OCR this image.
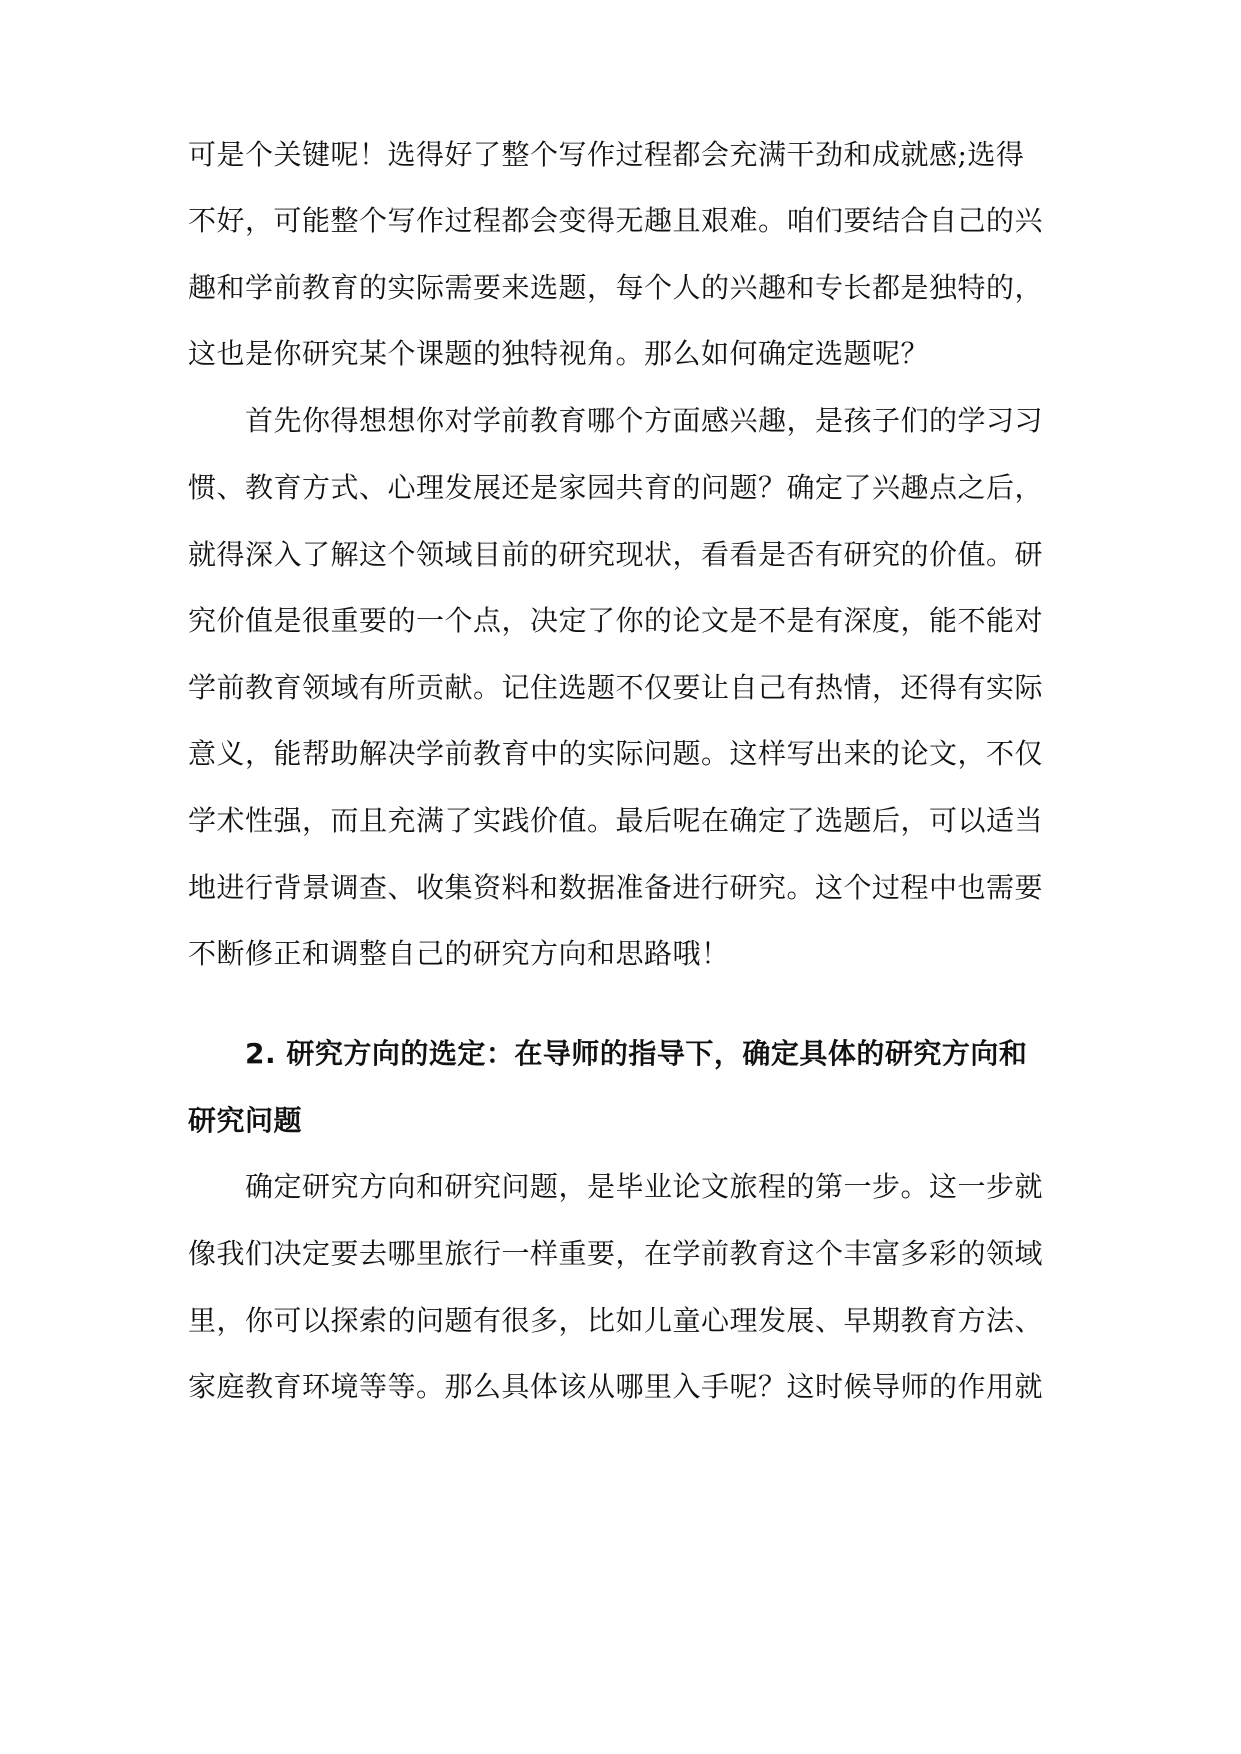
可是个关键呢！选得好了整个写作过程都会充满干劲和成就感;选得
不好，可能整个写作过程都会变得无趣且艰难。咱们要结合自己的兴
趣和学前教育的实际需要来选题，每个人的兴趣和专长都是独特的，
这也是你研究某个课题的独特视角。那么如何确定选题呢？
首先你得想想你对学前教育哪个方面感兴趣，是孩子们的学习习
惯、教育方式、心理发展还是家园共育的问题？确定了兴趣点之后，
就得深入了解这个领域目前的研究现状，看看是否有研究的价值。研
究价值是很重要的一个点，决定了你的论文是不是有深度，能不能对
学前教育领域有所贡献。记住选题不仅要让自己有热情，还得有实际
意义，能帮助解决学前教育中的实际问题。这样写出来的论文，不仅
学术性强，而且充满了实践价值。最后呢在确定了选题后，可以适当
地进行背景调查、收集资料和数据准备进行研究。这个过程中也需要
不断修正和调整自己的研究方向和思路哦！
2. 研究方向的选定：在导师的指导下，确定具体的研究方向和
研究问题
确定研究方向和研究问题，是毕业论文旅程的第一步。这一步就
像我们决定要去哪里旅行一样重要，在学前教育这个丰富多彩的领域
里，你可以探索的问题有很多，比如儿童心理发展、早期教育方法、
家庭教育环境等等。那么具体该从哪里入手呢？这时候导师的作用就
